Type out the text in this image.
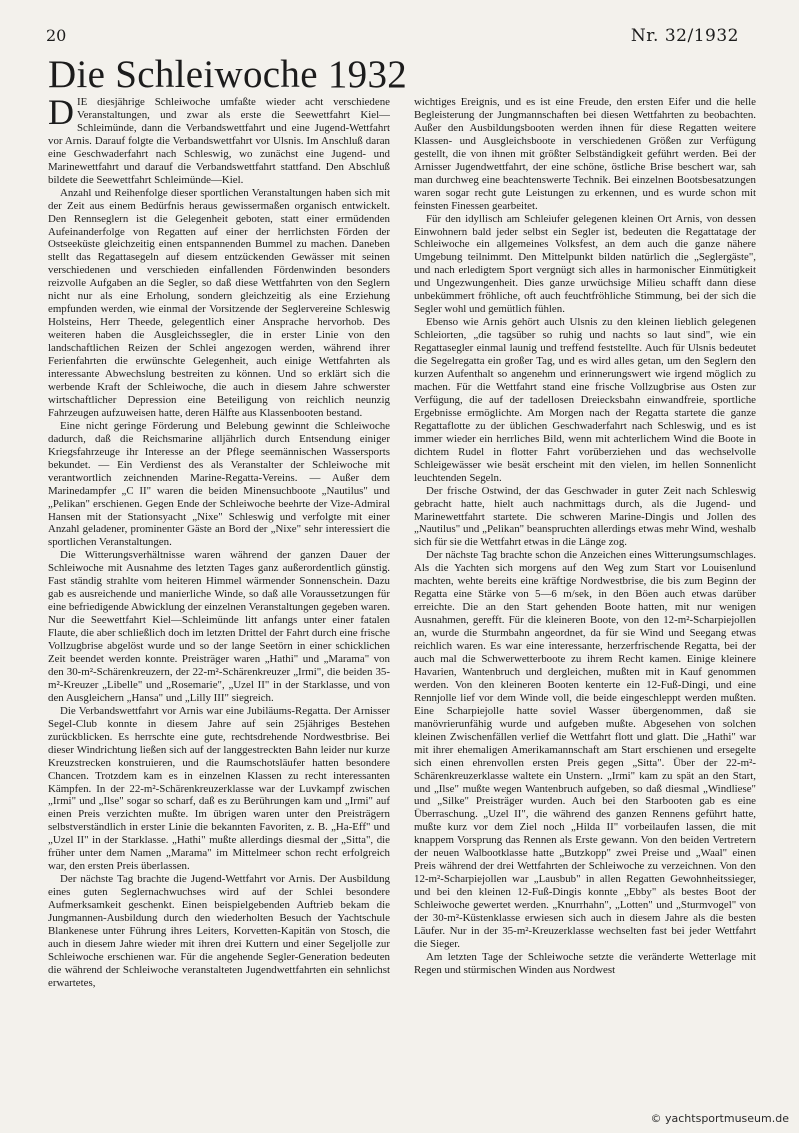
20	Nr. 32/1932
Die Schleiwoche 1932

DIE diesjährige Schleiwoche umfaßte wieder acht verschiedene Veranstaltungen, und zwar als erste die Seewettfahrt Kiel—Schleimünde, dann die Verbandswettfahrt und eine Jugend-Wettfahrt vor Arnis. Darauf folgte die Verbandswettfahrt vor Ulsnis. Im Anschluß daran eine Geschwaderfahrt nach Schleswig, wo zunächst eine Jugend- und Marinewettfahrt und darauf die Verbandswettfahrt stattfand. Den Abschluß bildete die Seewettfahrt Schleimünde—Kiel.

Anzahl und Reihenfolge dieser sportlichen Veranstaltungen haben sich mit der Zeit aus einem Bedürfnis heraus gewissermaßen organisch entwickelt. Den Rennseglern ist die Gelegenheit geboten, statt einer ermüdenden Aufeinanderfolge von Regatten auf einer der herrlichsten Förden der Ostseeküste gleichzeitig einen entspannenden Bummel zu machen. Daneben stellt das Regattasegeln auf diesem entzückenden Gewässer mit seinen verschiedenen und verschieden einfallenden Fördenwinden besonders reizvolle Aufgaben an die Segler, so daß diese Wettfahrten von den Seglern nicht nur als eine Erholung, sondern gleichzeitig als eine Erziehung empfunden werden, wie einmal der Vorsitzende der Seglervereine Schleswig Holsteins, Herr Theede, gelegentlich einer Ansprache hervorhob. Des weiteren haben die Ausgleichssegler, die in erster Linie von den landschaftlichen Reizen der Schlei angezogen werden, während ihrer Ferienfahrten die erwünschte Gelegenheit, auch einige Wettfahrten als interessante Abwechslung bestreiten zu können. Und so erklärt sich die werbende Kraft der Schleiwoche, die auch in diesem Jahre schwerster wirtschaftlicher Depression eine Beteiligung von reichlich neunzig Fahrzeugen aufzuweisen hatte, deren Hälfte aus Klassenbooten bestand.

Eine nicht geringe Förderung und Belebung gewinnt die Schleiwoche dadurch, daß die Reichsmarine alljährlich durch Entsendung einiger Kriegsfahrzeuge ihr Interesse an der Pflege seemännischen Wassersports bekundet. — Ein Verdienst des als Veranstalter der Schleiwoche mit verantwortlich zeichnenden Marine-Regatta-Vereins. — Außer dem Marinedampfer „C II" waren die beiden Minensuchboote „Nautilus" und „Pelikan" erschienen. Gegen Ende der Schleiwoche beehrte der Vize-Admiral Hansen mit der Stationsyacht „Nixe" Schleswig und verfolgte mit einer Anzahl geladener, prominenter Gäste an Bord der „Nixe" sehr interessiert die sportlichen Veranstaltungen.

Die Witterungsverhältnisse waren während der ganzen Dauer der Schleiwoche mit Ausnahme des letzten Tages ganz außerordentlich günstig. Fast ständig strahlte vom heiteren Himmel wärmender Sonnenschein. Dazu gab es ausreichende und manierliche Winde, so daß alle Voraussetzungen für eine befriedigende Abwicklung der einzelnen Veranstaltungen gegeben waren. Nur die Seewettfahrt Kiel—Schleimünde litt anfangs unter einer fatalen Flaute, die aber schließlich doch im letzten Drittel der Fahrt durch eine frische Vollzugbrise abgelöst wurde und so der lange Seetörn in einer schicklichen Zeit beendet werden konnte. Preisträger waren „Hathi" und „Marama" von den 30-m²-Schärenkreuzern, der 22-m²-Schärenkreuzer „Irmi", die beiden 35-m²-Kreuzer „Libelle" und „Rosemarie", „Uzel II" in der Starklasse, und von den Ausgleichern „Hansa" und „Lilly III" siegreich.

Die Verbandswettfahrt vor Arnis war eine Jubiläums-Regatta. Der Arnisser Segel-Club konnte in diesem Jahre auf sein 25jähriges Bestehen zurückblicken. Es herrschte eine gute, rechtsdrehende Nordwestbrise. Bei dieser Windrichtung ließen sich auf der langgestreckten Bahn leider nur kurze Kreuzstrecken konstruieren, und die Raumschotsläufer hatten besondere Chancen. Trotzdem kam es in einzelnen Klassen zu recht interessanten Kämpfen. In der 22-m²-Schärenkreuzerklasse war der Luvkampf zwischen „Irmi" und „Ilse" sogar so scharf, daß es zu Berührungen kam und „Irmi" auf einen Preis verzichten mußte. Im übrigen waren unter den Preisträgern selbstverständlich in erster Linie die bekannten Favoriten, z. B. „Ha-Eff" und „Uzel II" in der Starklasse. „Hathi" mußte allerdings diesmal der „Sitta", die früher unter dem Namen „Marama" im Mittelmeer schon recht erfolgreich war, den ersten Preis überlassen.

Der nächste Tag brachte die Jugend-Wettfahrt vor Arnis. Der Ausbildung eines guten Seglernachwuchses wird auf der Schlei besondere Aufmerksamkeit geschenkt. Einen beispielgebenden Auftrieb bekam die Jungmannen-Ausbildung durch den wiederholten Besuch der Yachtschule Blankenese unter Führung ihres Leiters, Korvetten-Kapitän von Stosch, die auch in diesem Jahre wieder mit ihren drei Kuttern und einer Segeljolle zur Schleiwoche erschienen war. Für die angehende Segler-Generation bedeuten die während der Schleiwoche veranstalteten Jugendwettfahrten ein sehnlichst erwartetes,

wichtiges Ereignis, und es ist eine Freude, den ersten Eifer und die helle Begleisterung der Jungmannschaften bei diesen Wettfahrten zu beobachten. Außer den Ausbildungsbooten werden ihnen für diese Regatten weitere Klassen- und Ausgleichsboote in verschiedenen Größen zur Verfügung gestellt, die von ihnen mit größter Selbständigkeit geführt werden. Bei der Arnisser Jugendwettfahrt, der eine schöne, östliche Brise beschert war, sah man durchweg eine beachtenswerte Technik. Bei einzelnen Bootsbesatzungen waren sogar recht gute Leistungen zu erkennen, und es wurde schon mit feinsten Finessen gearbeitet.

Für den idyllisch am Schleiufer gelegenen kleinen Ort Arnis, von dessen Einwohnern bald jeder selbst ein Segler ist, bedeuten die Regattatage der Schleiwoche ein allgemeines Volksfest, an dem auch die ganze nähere Umgebung teilnimmt. Den Mittelpunkt bilden natürlich die „Seglergäste", und nach erledigtem Sport vergnügt sich alles in harmonischer Einmütigkeit und Ungezwungenheit. Dies ganze urwüchsige Milieu schafft dann diese unbekümmert fröhliche, oft auch feuchtfröhliche Stimmung, bei der sich die Segler wohl und gemütlich fühlen.

Ebenso wie Arnis gehört auch Ulsnis zu den kleinen lieblich gelegenen Schleiorten, „die tagsüber so ruhig und nachts so laut sind", wie ein Regattasegler einmal launig und treffend feststellte. Auch für Ulsnis bedeutet die Segelregatta ein großer Tag, und es wird alles getan, um den Seglern den kurzen Aufenthalt so angenehm und erinnerungswert wie irgend möglich zu machen. Für die Wettfahrt stand eine frische Vollzugbrise aus Osten zur Verfügung, die auf der tadellosen Dreiecksbahn einwandfreie, sportliche Ergebnisse ermöglichte. Am Morgen nach der Regatta startete die ganze Regattaflotte zu der üblichen Geschwaderfahrt nach Schleswig, und es ist immer wieder ein herrliches Bild, wenn mit achterlichem Wind die Boote in dichtem Rudel in flotter Fahrt vorüberziehen und das wechselvolle Schleigewässer wie besät erscheint mit den vielen, im hellen Sonnenlicht leuchtenden Segeln.

Der frische Ostwind, der das Geschwader in guter Zeit nach Schleswig gebracht hatte, hielt auch nachmittags durch, als die Jugend- und Marinewettfahrt startete. Die schweren Marine-Dingis und Jollen des „Nautilus" und „Pelikan" beanspruchten allerdings etwas mehr Wind, weshalb sich für sie die Wettfahrt etwas in die Länge zog.

Der nächste Tag brachte schon die Anzeichen eines Witterungsumschlages. Als die Yachten sich morgens auf den Weg zum Start vor Louisenlund machten, wehte bereits eine kräftige Nordwestbrise, die bis zum Beginn der Regatta eine Stärke von 5—6 m/sek, in den Böen auch etwas darüber erreichte. Die an den Start gehenden Boote hatten, mit nur wenigen Ausnahmen, gerefft. Für die kleineren Boote, von den 12-m²-Scharpiejollen an, wurde die Sturmbahn angeordnet, da für sie Wind und Seegang etwas reichlich waren. Es war eine interessante, herzerfrischende Regatta, bei der auch mal die Schwerwetterboote zu ihrem Recht kamen. Einige kleinere Havarien, Wantenbruch und dergleichen, mußten mit in Kauf genommen werden. Von den kleineren Booten kenterte ein 12-Fuß-Dingi, und eine Rennjolle lief vor dem Winde voll, die beide eingeschleppt werden mußten. Eine Scharpiejolle hatte soviel Wasser übergenommen, daß sie manövrierunfähig wurde und aufgeben mußte. Abgesehen von solchen kleinen Zwischenfällen verlief die Wettfahrt flott und glatt. Die „Hathi" war mit ihrer ehemaligen Amerikamannschaft am Start erschienen und ersegelte sich einen ehrenvollen ersten Preis gegen „Sitta". Über der 22-m²-Schärenkreuzerklasse waltete ein Unstern. „Irmi" kam zu spät an den Start, und „Ilse" mußte wegen Wantenbruch aufgeben, so daß diesmal „Windliese" und „Silke" Preisträger wurden. Auch bei den Starbooten gab es eine Überraschung. „Uzel II", die während des ganzen Rennens geführt hatte, mußte kurz vor dem Ziel noch „Hilda II" vorbeilaufen lassen, die mit knappem Vorsprung das Rennen als Erste gewann. Von den beiden Vertretern der neuen Walbootklasse hatte „Butzkopp" zwei Preise und „Waal" einen Preis während der drei Wettfahrten der Schleiwoche zu verzeichnen. Von den 12-m²-Scharpiejollen war „Lausbub" in allen Regatten Gewohnheitssieger, und bei den kleinen 12-Fuß-Dingis konnte „Ebby" als bestes Boot der Schleiwoche gewertet werden. „Knurrhahn", „Lotten" und „Sturmvogel" von der 30-m²-Küstenklasse erwiesen sich auch in diesem Jahre als die besten Läufer. Nur in der 35-m²-Kreuzerklasse wechselten fast bei jeder Wettfahrt die Sieger.

Am letzten Tage der Schleiwoche setzte die veränderte Wetterlage mit Regen und stürmischen Winden aus Nordwest

© yachtsportmuseum.de
